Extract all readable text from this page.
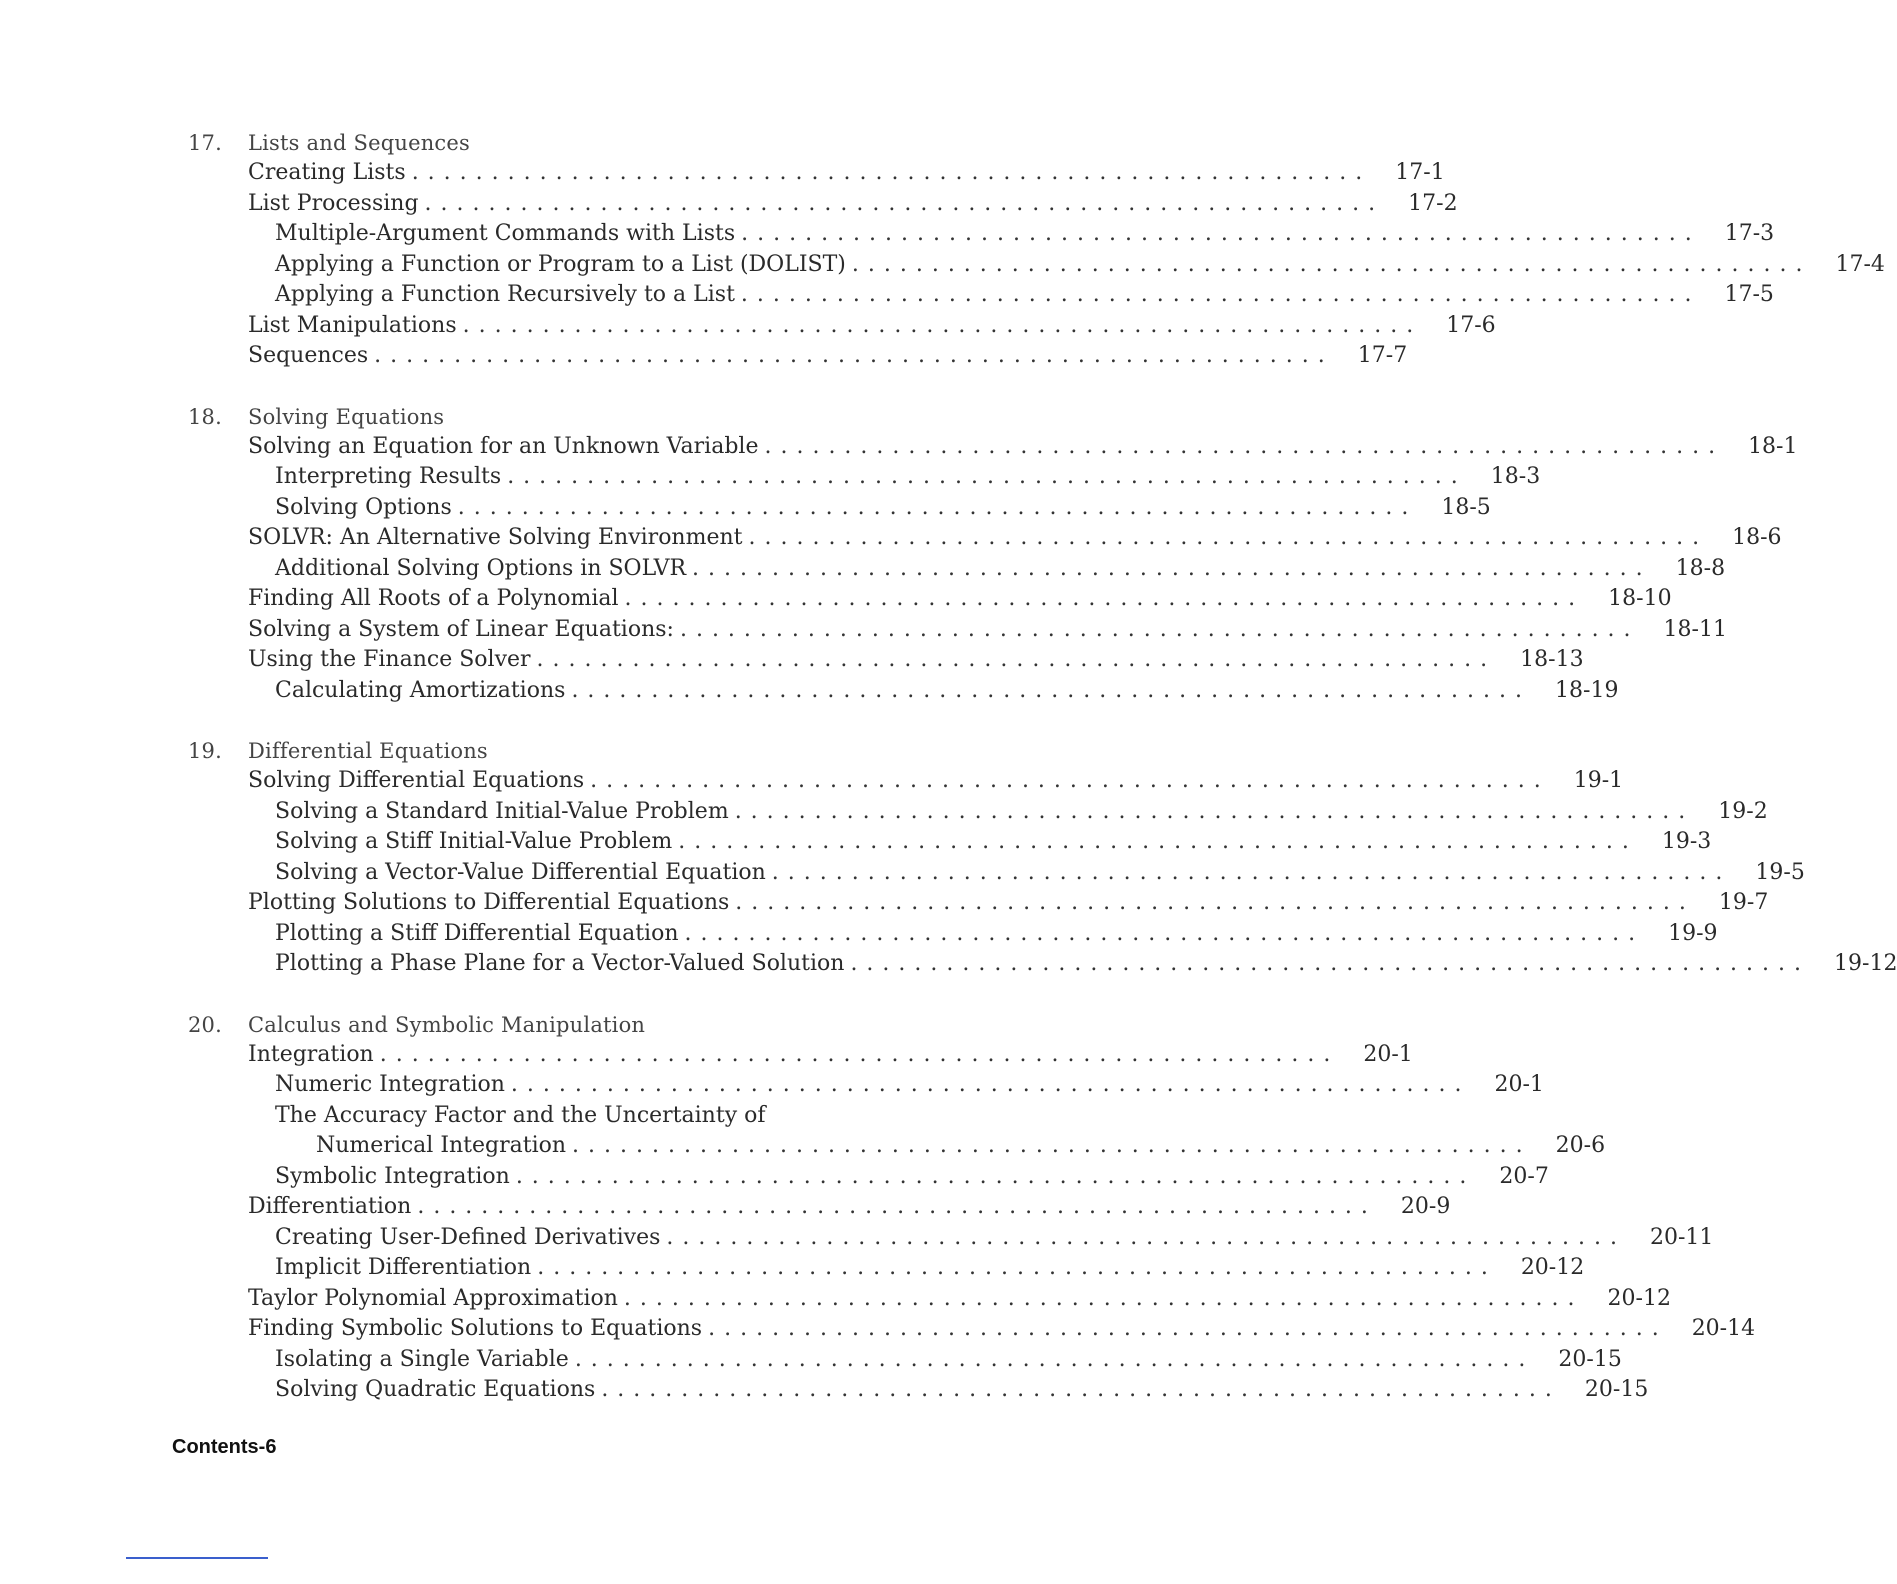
17.	Lists and Sequences
Creating Lists ............................................................	17-1
List Processing ............................................................	17-2
Multiple-Argument Commands with Lists ............................................................	17-3
Applying a Function or Program to a List (DOLIST) ............................................................	17-4
Applying a Function Recursively to a List ............................................................	17-5
List Manipulations ............................................................	17-6
Sequences ............................................................	17-7
18.	Solving Equations
Solving an Equation for an Unknown Variable ............................................................	18-1
Interpreting Results ............................................................	18-3
Solving Options ............................................................	18-5
SOLVR: An Alternative Solving Environment ............................................................	18-6
Additional Solving Options in SOLVR ............................................................	18-8
Finding All Roots of a Polynomial ............................................................	18-10
Solving a System of Linear Equations: ............................................................	18-11
Using the Finance Solver ............................................................	18-13
Calculating Amortizations ............................................................	18-19
19.	Differential Equations
Solving Differential Equations ............................................................	19-1
Solving a Standard Initial-Value Problem ............................................................	19-2
Solving a Stiff Initial-Value Problem ............................................................	19-3
Solving a Vector-Value Differential Equation ............................................................	19-5
Plotting Solutions to Differential Equations ............................................................	19-7
Plotting a Stiff Differential Equation ............................................................	19-9
Plotting a Phase Plane for a Vector-Valued Solution ............................................................	19-12
20.	Calculus and Symbolic Manipulation
Integration ............................................................	20-1
Numeric Integration ............................................................	20-1
The Accuracy Factor and the Uncertainty of
Numerical Integration ............................................................	20-6
Symbolic Integration ............................................................	20-7
Differentiation ............................................................	20-9
Creating User-Defined Derivatives ............................................................	20-11
Implicit Differentiation ............................................................	20-12
Taylor Polynomial Approximation ............................................................	20-12
Finding Symbolic Solutions to Equations ............................................................	20-14
Isolating a Single Variable ............................................................	20-15
Solving Quadratic Equations ............................................................	20-15
Contents-6
